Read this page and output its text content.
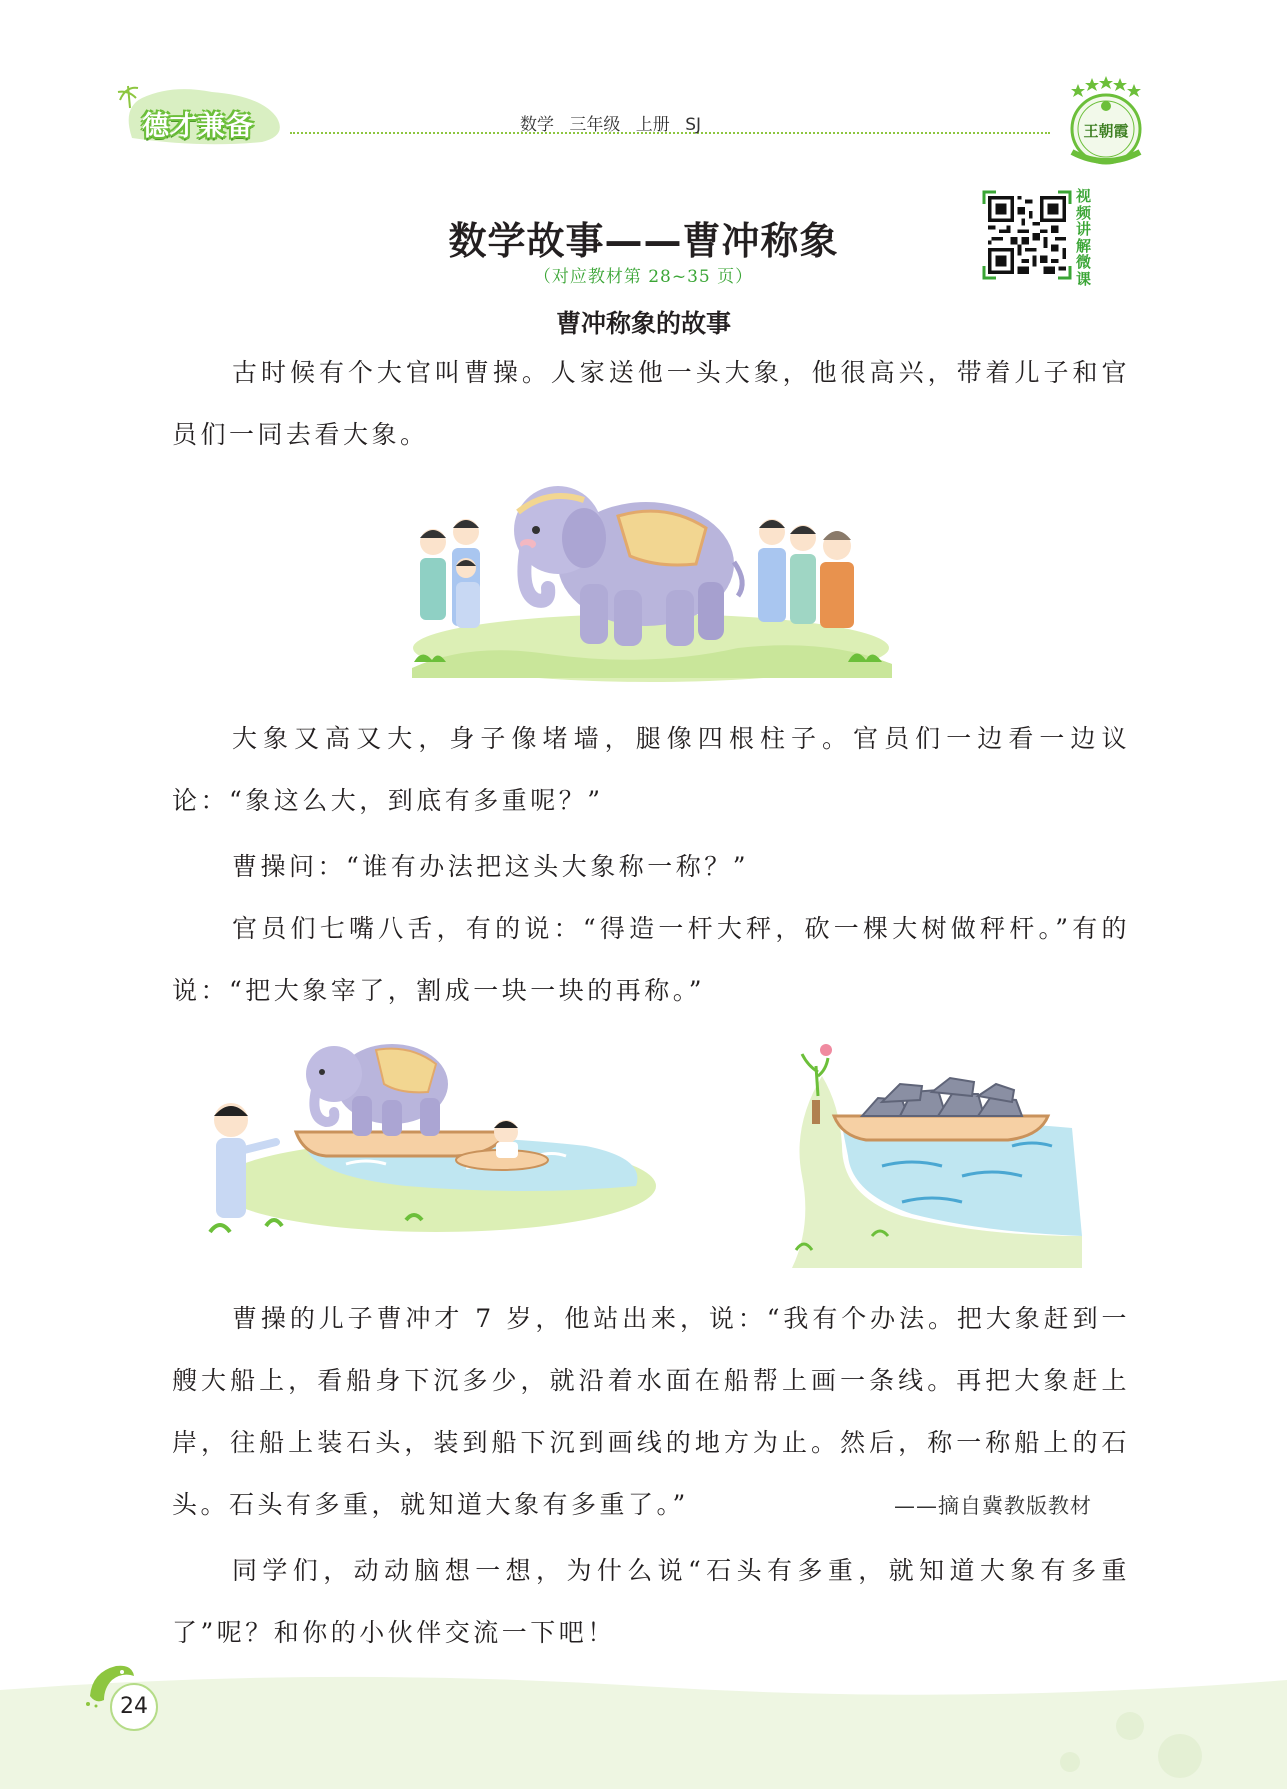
德才兼备	数学 三年级 上册 SJ	王朝霞
数学故事——曹冲称象
（对应教材第 28~35 页）
视频讲解微课
曹冲称象的故事
古时候有个大官叫曹操。人家送他一头大象，他很高兴，带着儿子和官员们一同去看大象。
大象又高又大，身子像堵墙，腿像四根柱子。官员们一边看一边议论：“象这么大，到底有多重呢？”
曹操问：“谁有办法把这头大象称一称？”
官员们七嘴八舌，有的说：“得造一杆大秤，砍一棵大树做秤杆。”有的说：“把大象宰了，割成一块一块的再称。”
曹操的儿子曹冲才 7 岁，他站出来，说：“我有个办法。把大象赶到一艘大船上，看船身下沉多少，就沿着水面在船帮上画一条线。再把大象赶上岸，往船上装石头，装到船下沉到画线的地方为止。然后，称一称船上的石头。石头有多重，就知道大象有多重了。”	——摘自冀教版教材
同学们，动动脑想一想，为什么说“石头有多重，就知道大象有多重了”呢？和你的小伙伴交流一下吧！
24
